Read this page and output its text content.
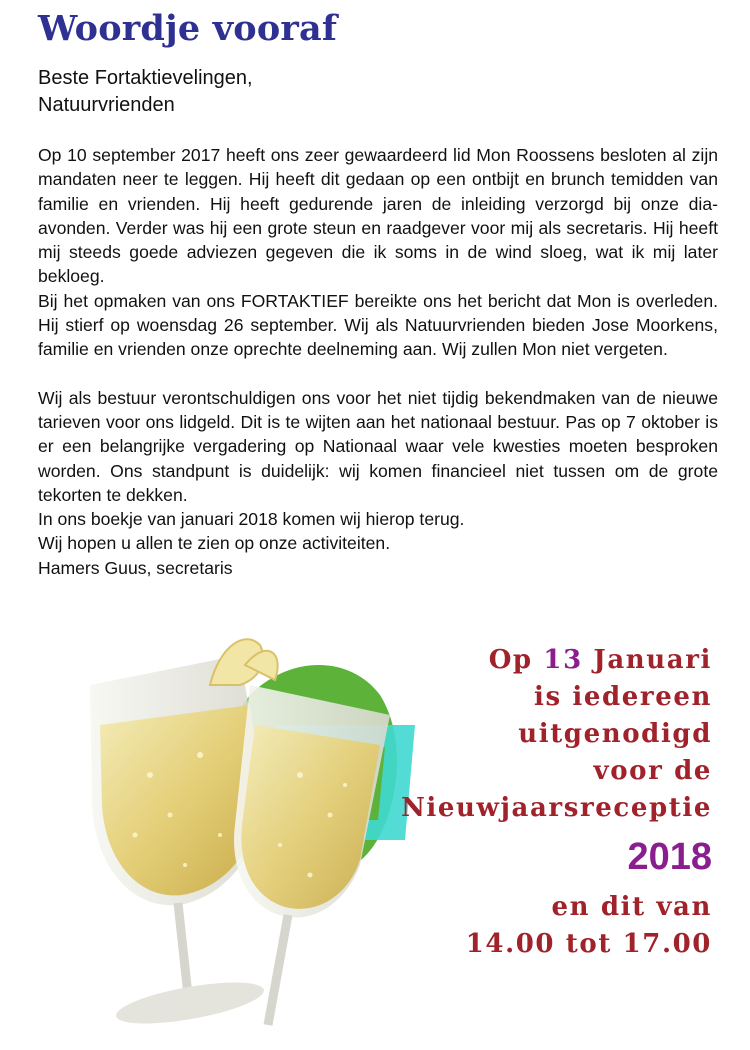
Woordje vooraf
Beste Fortaktievelingen,
Natuurvrienden

Op 10 september 2017 heeft ons zeer gewaardeerd lid Mon Roossens besloten al zijn mandaten neer te leggen. Hij heeft dit gedaan op een ontbijt en brunch temidden van familie en vrienden. Hij heeft gedurende jaren de inleiding verzorgd bij onze dia-avonden. Verder was hij een grote steun en raadgever voor mij als secretaris. Hij heeft mij steeds goede adviezen gegeven die ik soms in de wind sloeg, wat ik mij later bekloeg.
Bij het opmaken van ons FORTAKTIEF bereikte ons het bericht dat Mon is overleden. Hij stierf op woensdag 26 september. Wij als Natuurvrienden bieden Jose Moorkens, familie en vrienden onze oprechte deelneming aan. Wij zullen Mon niet vergeten.

Wij als bestuur verontschuldigen ons voor het niet tijdig bekendmaken van de nieuwe tarieven voor ons lidgeld. Dit is te wijten aan het nationaal bestuur. Pas op 7 oktober is er een belangrijke vergadering op Nationaal waar vele kwesties moeten besproken worden. Ons standpunt is duidelijk: wij komen financieel niet tussen om de grote tekorten te dekken.
In ons boekje van januari 2018 komen wij hierop terug.
Wij hopen u allen te zien op onze activiteiten.
Hamers Guus, secretaris

Op 13 Januari
is iedereen
uitgenodigd
voor de
Nieuwjaarsreceptie
2018
en dit van
14.00 tot 17.00
